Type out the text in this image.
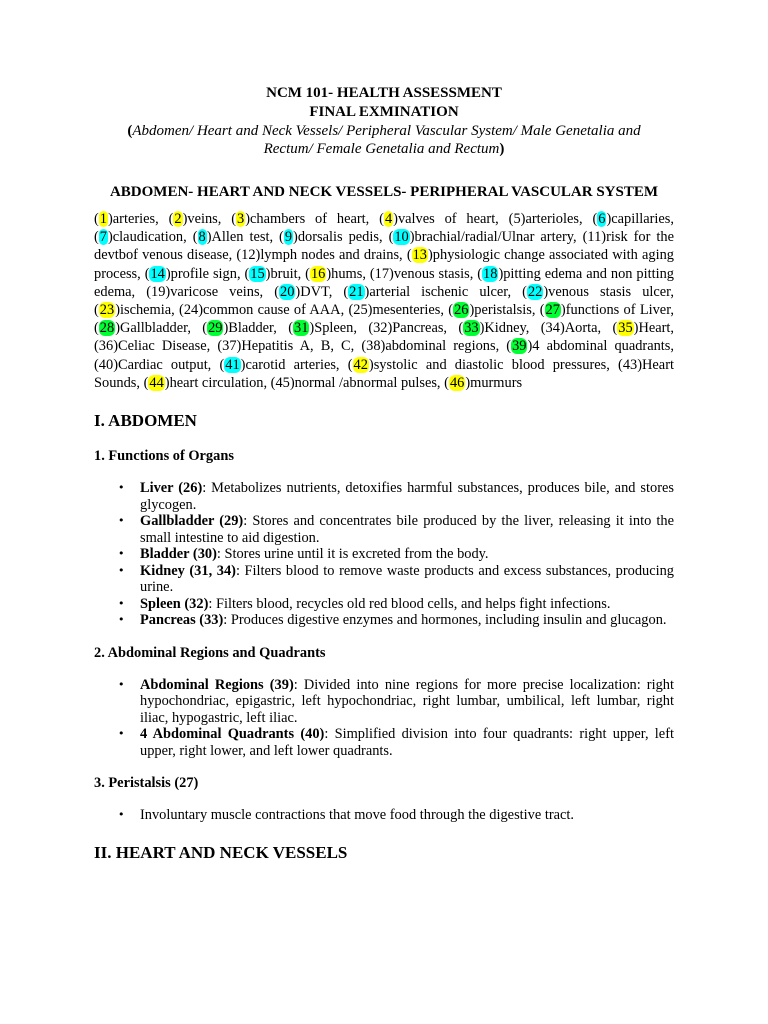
NCM 101- HEALTH ASSESSMENT
FINAL EXMINATION
(Abdomen/ Heart and Neck Vessels/ Peripheral Vascular System/ Male Genetalia and
Rectum/ Female Genetalia and Rectum)
ABDOMEN- HEART AND NECK VESSELS- PERIPHERAL VASCULAR SYSTEM
(1)arteries, (2)veins, (3)chambers of heart, (4)valves of heart, (5)arterioles, (6)capillaries, (7)claudication, (8)Allen test, (9)dorsalis pedis, (10)brachial/radial/Ulnar artery, (11)risk for the devtbof venous disease, (12)lymph nodes and drains, (13)physiologic change associated with aging process, (14)profile sign, (15)bruit, (16)hums, (17)venous stasis, (18)pitting edema and non pitting edema, (19)varicose veins, (20)DVT, (21)arterial ischenic ulcer, (22)venous stasis ulcer, (23)ischemia, (24)common cause of AAA, (25)mesenteries, (26)peristalsis, (27)functions of Liver, (28)Gallbladder, (29)Bladder, (31)Spleen, (32)Pancreas, (33)Kidney, (34)Aorta, (35)Heart, (36)Celiac Disease, (37)Hepatitis A, B, C, (38)abdominal regions, (39)4 abdominal quadrants, (40)Cardiac output, (41)carotid arteries, (42)systolic and diastolic blood pressures, (43)Heart Sounds, (44)heart circulation, (45)normal /abnormal pulses, (46)murmurs
I. ABDOMEN
1. Functions of Organs
• Liver (26): Metabolizes nutrients, detoxifies harmful substances, produces bile, and stores glycogen.
• Gallbladder (29): Stores and concentrates bile produced by the liver, releasing it into the small intestine to aid digestion.
• Bladder (30): Stores urine until it is excreted from the body.
• Kidney (31, 34): Filters blood to remove waste products and excess substances, producing urine.
• Spleen (32): Filters blood, recycles old red blood cells, and helps fight infections.
• Pancreas (33): Produces digestive enzymes and hormones, including insulin and glucagon.
2. Abdominal Regions and Quadrants
• Abdominal Regions (39): Divided into nine regions for more precise localization: right hypochondriac, epigastric, left hypochondriac, right lumbar, umbilical, left lumbar, right iliac, hypogastric, left iliac.
• 4 Abdominal Quadrants (40): Simplified division into four quadrants: right upper, left upper, right lower, and left lower quadrants.
3. Peristalsis (27)
• Involuntary muscle contractions that move food through the digestive tract.
II. HEART AND NECK VESSELS
